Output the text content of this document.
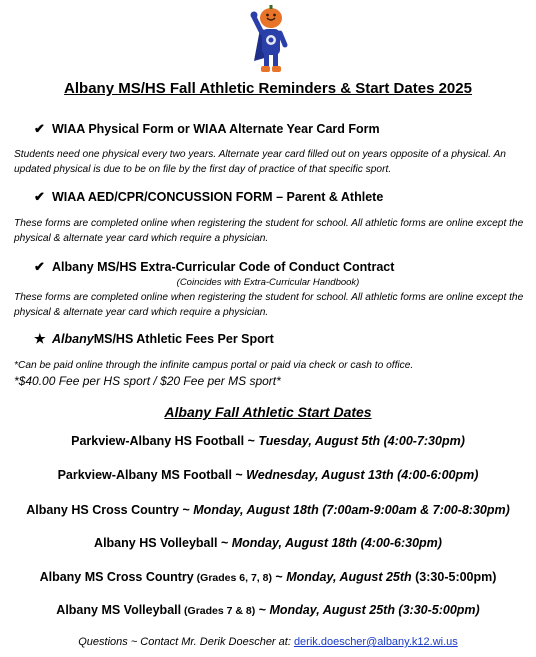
Albany MS/HS Fall Athletic Reminders & Start Dates 2025
✔ WIAA Physical Form or WIAA Alternate Year Card Form
Students need one physical every two years. Alternate year card filled out on years opposite of a physical. An updated physical is due to be on file by the first day of practice of that specific sport.
✔ WIAA AED/CPR/CONCUSSION FORM – Parent & Athlete
These forms are completed online when registering the student for school. All athletic forms are online except the physical & alternate year card which require a physician.
✔ Albany MS/HS Extra-Curricular Code of Conduct Contract
(Coincides with Extra-Curricular Handbook)
These forms are completed online when registering the student for school. All athletic forms are online except the physical & alternate year card which require a physician.
★ Albany MS/HS Athletic Fees Per Sport
*Can be paid online through the infinite campus portal or paid via check or cash to office.
*$40.00 Fee per HS sport / $20 Fee per MS sport*
Albany Fall Athletic Start Dates
Parkview-Albany HS Football ~ Tuesday, August 5th (4:00-7:30pm)
Parkview-Albany MS Football ~ Wednesday, August 13th (4:00-6:00pm)
Albany HS Cross Country ~ Monday, August 18th (7:00am-9:00am & 7:00-8:30pm)
Albany HS Volleyball ~ Monday, August 18th (4:00-6:30pm)
Albany MS Cross Country (Grades 6, 7, 8) ~ Monday, August 25th (3:30-5:00pm)
Albany MS Volleyball (Grades 7 & 8) ~ Monday, August 25th (3:30-5:00pm)
Questions ~ Contact Mr. Derik Doescher at: derik.doescher@albany.k12.wi.us
